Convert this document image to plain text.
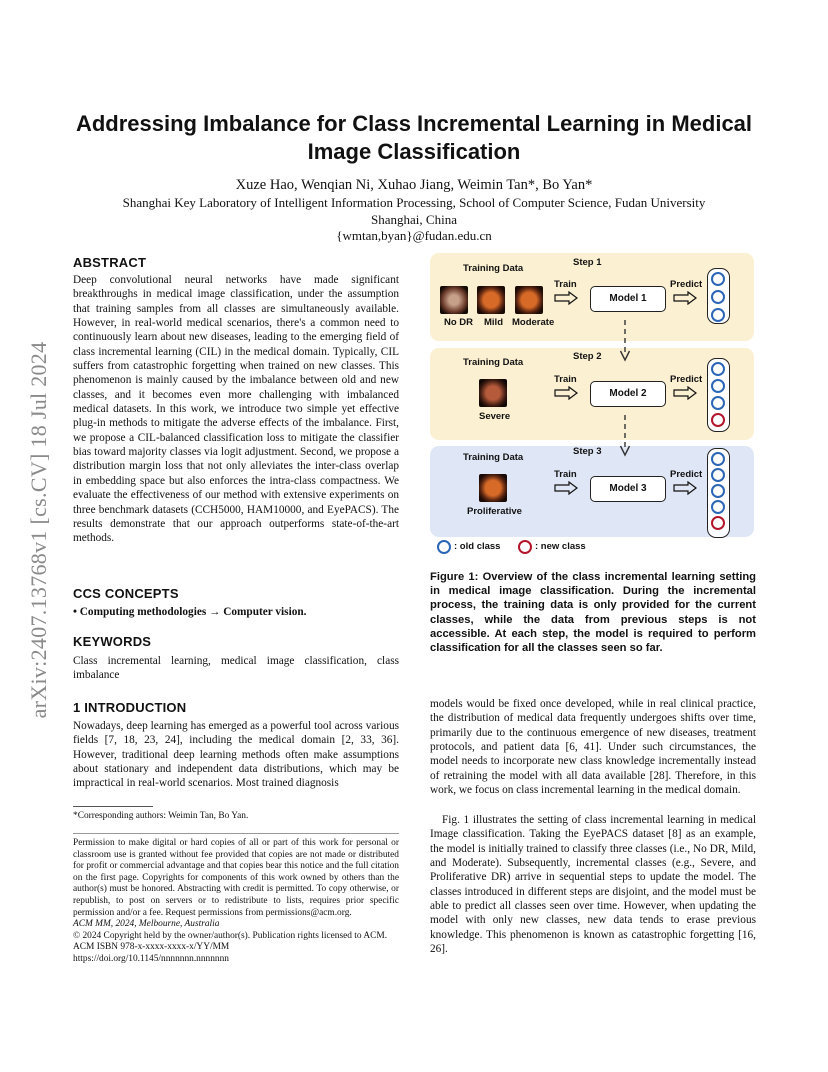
arXiv:2407.13768v1 [cs.CV] 18 Jul 2024
Addressing Imbalance for Class Incremental Learning in Medical
Image Classification
Xuze Hao, Wenqian Ni, Xuhao Jiang, Weimin Tan*, Bo Yan*
Shanghai Key Laboratory of Intelligent Information Processing, School of Computer Science, Fudan University
Shanghai, China
{wmtan,byan}@fudan.edu.cn
ABSTRACT
Deep convolutional neural networks have made significant breakthroughs in medical image classification, under the assumption that training samples from all classes are simultaneously available. However, in real-world medical scenarios, there's a common need to continuously learn about new diseases, leading to the emerging field of class incremental learning (CIL) in the medical domain. Typically, CIL suffers from catastrophic forgetting when trained on new classes. This phenomenon is mainly caused by the imbalance between old and new classes, and it becomes even more challenging with imbalanced medical datasets. In this work, we introduce two simple yet effective plug-in methods to mitigate the adverse effects of the imbalance. First, we propose a CIL-balanced classification loss to mitigate the classifier bias toward majority classes via logit adjustment. Second, we propose a distribution margin loss that not only alleviates the inter-class overlap in embedding space but also enforces the intra-class compactness. We evaluate the effectiveness of our method with extensive experiments on three benchmark datasets (CCH5000, HAM10000, and EyePACS). The results demonstrate that our approach outperforms state-of-the-art methods.
CCS CONCEPTS
• Computing methodologies → Computer vision.
KEYWORDS
Class incremental learning, medical image classification, class imbalance
1 INTRODUCTION
Nowadays, deep learning has emerged as a powerful tool across various fields [7, 18, 23, 24], including the medical domain [2, 33, 36]. However, traditional deep learning methods often make assumptions about stationary and independent data distributions, which may be impractical in real-world scenarios. Most trained diagnosis
*Corresponding authors: Weimin Tan, Bo Yan.
Permission to make digital or hard copies of all or part of this work for personal or classroom use is granted without fee provided that copies are not made or distributed for profit or commercial advantage and that copies bear this notice and the full citation on the first page. Copyrights for components of this work owned by others than the author(s) must be honored. Abstracting with credit is permitted. To copy otherwise, or republish, to post on servers or to redistribute to lists, requires prior specific permission and/or a fee. Request permissions from permissions@acm.org.
ACM MM, 2024, Melbourne, Australia
© 2024 Copyright held by the owner/author(s). Publication rights licensed to ACM.
ACM ISBN 978-x-xxxx-xxxx-x/YY/MM
https://doi.org/10.1145/nnnnnnn.nnnnnnn
Step 1
Training Data
No DR Mild Moderate
Train
Model 1
Predict
Step 2
Training Data
Severe
Train
Model 2
Predict
Step 3
Training Data
Proliferative
Train
Model 3
Predict
: old class	: new class
Figure 1: Overview of the class incremental learning setting in medical image classification. During the incremental process, the training data is only provided for the current classes, while the data from previous steps is not accessible. At each step, the model is required to perform classification for all the classes seen so far.
models would be fixed once developed, while in real clinical practice, the distribution of medical data frequently undergoes shifts over time, primarily due to the continuous emergence of new diseases, treatment protocols, and patient data [6, 41]. Under such circumstances, the model needs to incorporate new class knowledge incrementally instead of retraining the model with all data available [28]. Therefore, in this work, we focus on class incremental learning in the medical domain.
Fig. 1 illustrates the setting of class incremental learning in medical Image classification. Taking the EyePACS dataset [8] as an example, the model is initially trained to classify three classes (i.e., No DR, Mild, and Moderate). Subsequently, incremental classes (e.g., Severe, and Proliferative DR) arrive in sequential steps to update the model. The classes introduced in different steps are disjoint, and the model must be able to predict all classes seen over time. However, when updating the model with only new classes, new data tends to erase previous knowledge. This phenomenon is known as catastrophic forgetting [16, 26].
